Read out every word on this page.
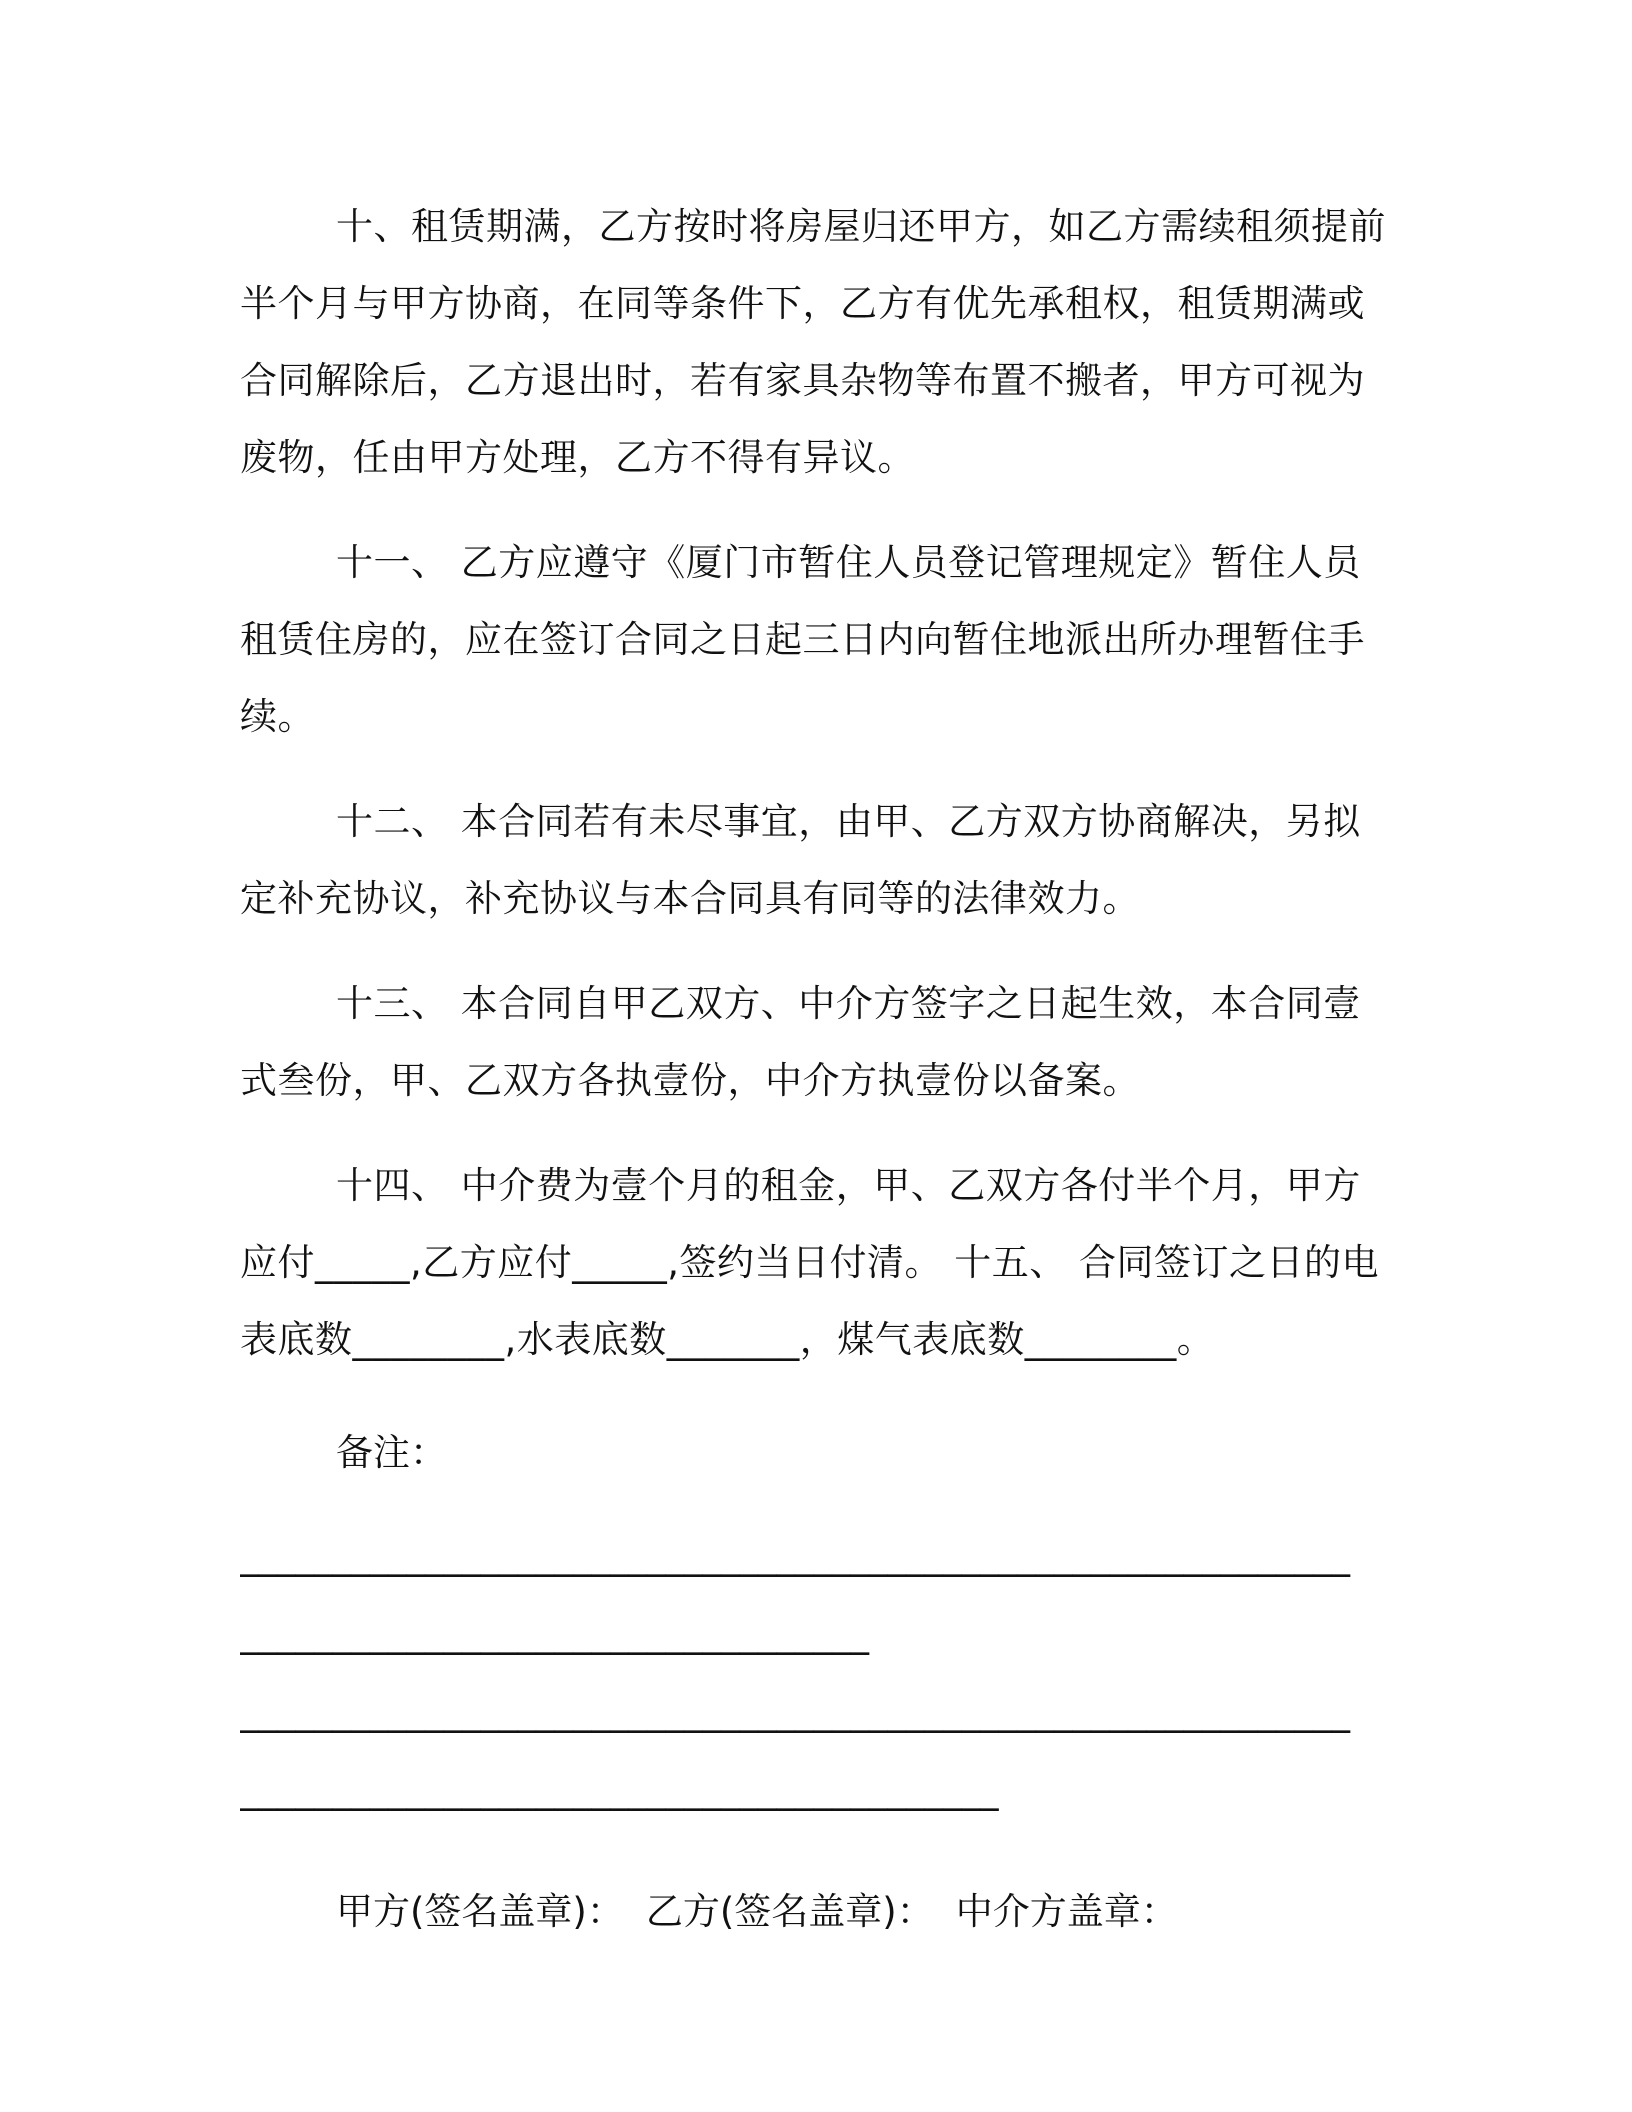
十、租赁期满，乙方按时将房屋归还甲方，如乙方需续租须提前半个月与甲方协商，在同等条件下，乙方有优先承租权，租赁期满或合同解除后，乙方退出时，若有家具杂物等布置不搬者，甲方可视为废物，任由甲方处理，乙方不得有异议。

十一、 乙方应遵守《厦门市暂住人员登记管理规定》暂住人员租赁住房的，应在签订合同之日起三日内向暂住地派出所办理暂住手续。

十二、 本合同若有未尽事宜，由甲、乙方双方协商解决，另拟定补充协议，补充协议与本合同具有同等的法律效力。

十三、 本合同自甲乙双方、中介方签字之日起生效，本合同壹式叁份，甲、乙双方各执壹份，中介方执壹份以备案。

十四、 中介费为壹个月的租金，甲、乙双方各付半个月，甲方应付_____,乙方应付_____,签约当日付清。 十五、 合同签订之日的电表底数________,水表底数_______，煤气表底数________。

备注：

____________________________________________________________

__________________________________

____________________________________________________________

_________________________________________

甲方(签名盖章)： 乙方(签名盖章)： 中介方盖章：
